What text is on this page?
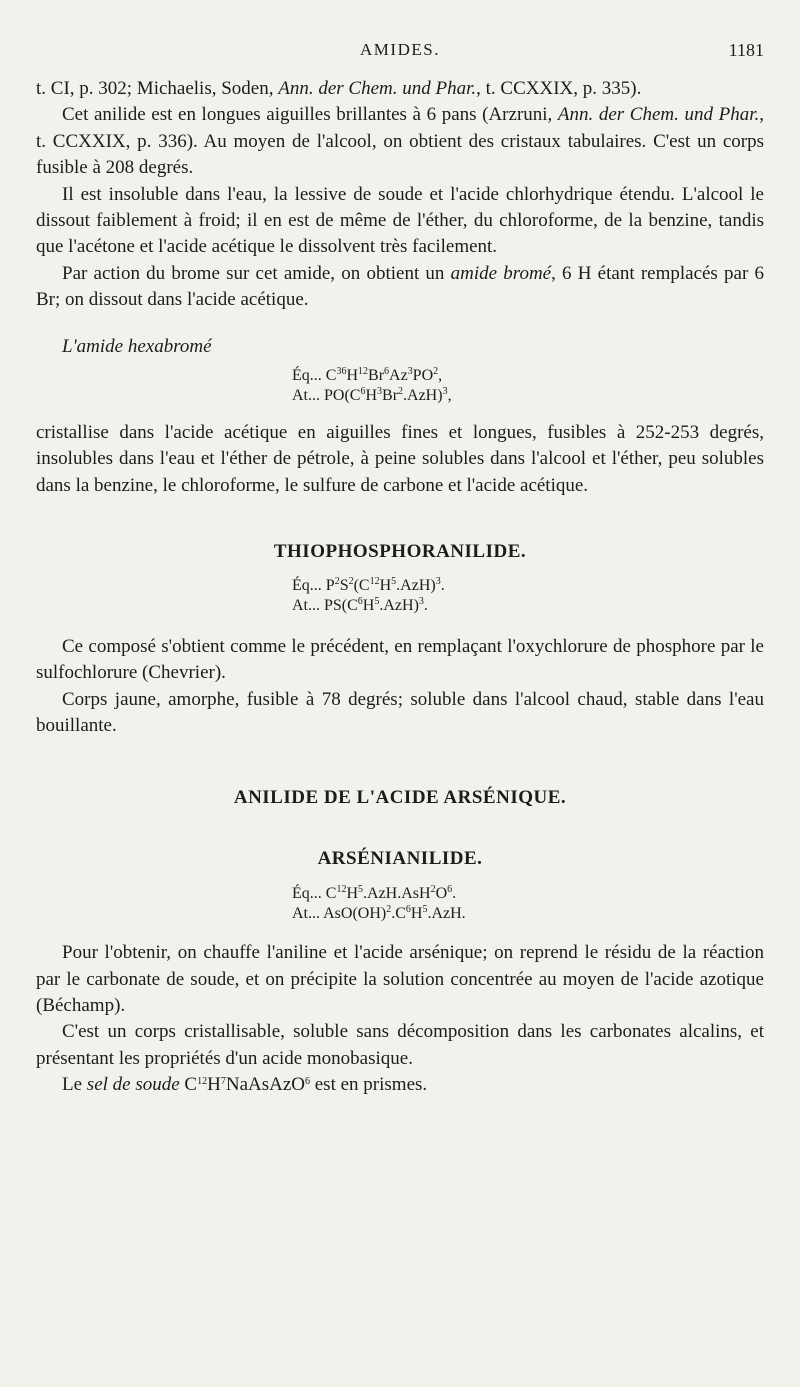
AMIDES.	1181

t. CI, p. 302; Michaelis, Soden, Ann. der Chem. und Phar., t. CCXXIX, p. 335).

Cet anilide est en longues aiguilles brillantes à 6 pans (Arzruni, Ann. der Chem. und Phar., t. CCXXIX, p. 336). Au moyen de l'alcool, on obtient des cristaux tabulaires. C'est un corps fusible à 208 degrés.

Il est insoluble dans l'eau, la lessive de soude et l'acide chlorhydrique étendu. L'alcool le dissout faiblement à froid; il en est de même de l'éther, du chloroforme, de la benzine, tandis que l'acétone et l'acide acétique le dissolvent très facilement.

Par action du brome sur cet amide, on obtient un amide bromé, 6 H étant remplacés par 6 Br; on dissout dans l'acide acétique.

L'amide hexabromé

Éq... $C^{36}H^{12}Br^6Az^3PO^2$,
At... $PO(C^6H^3Br^2.AzH)^3$,

cristallise dans l'acide acétique en aiguilles fines et longues, fusibles à 252-253 degrés, insolubles dans l'eau et l'éther de pétrole, à peine solubles dans l'alcool et l'éther, peu solubles dans la benzine, le chloroforme, le sulfure de carbone et l'acide acétique.

THIOPHOSPHORANILIDE.
Éq... $P^2S^2(C^{12}H^5.AzH)^3$.
At... $PS(C^6H^5.AzH)^3$.

Ce composé s'obtient comme le précédent, en remplaçant l'oxychlorure de phosphore par le sulfochlorure (Chevrier).

Corps jaune, amorphe, fusible à 78 degrés; soluble dans l'alcool chaud, stable dans l'eau bouillante.

ANILIDE DE L'ACIDE ARSÉNIQUE.
ARSÉNIANILIDE.
Éq... $C^{12}H^5.AzH.AsH^2O^6$.
At... $AsO(OH)^2.C^6H^5.AzH$.

Pour l'obtenir, on chauffe l'aniline et l'acide arsénique; on reprend le résidu de la réaction par le carbonate de soude, et on précipite la solution concentrée au moyen de l'acide azotique (Béchamp).

C'est un corps cristallisable, soluble sans décomposition dans les carbonates alcalins, et présentant les propriétés d'un acide monobasique.

Le sel de soude $C^{12}H^7NaAsAzO^6$ est en prismes.
